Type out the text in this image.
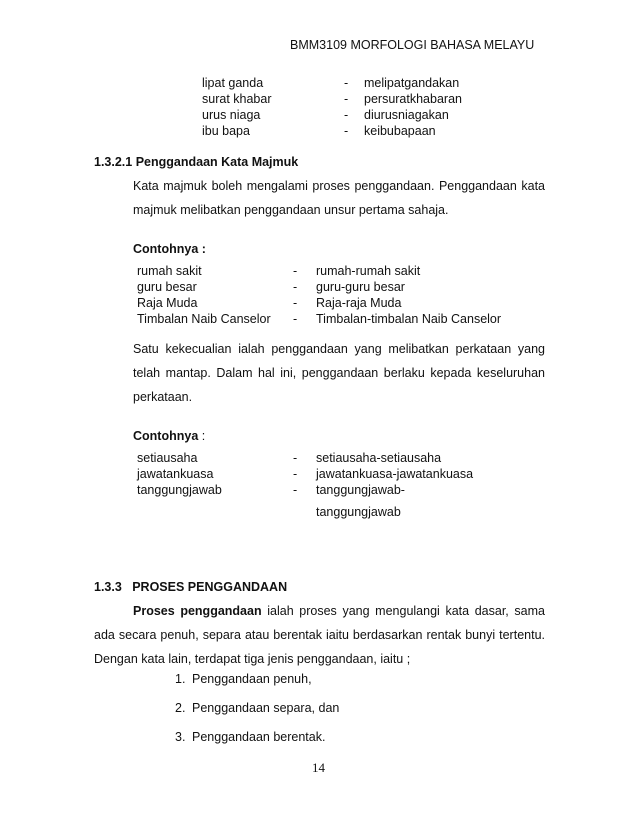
BMM3109 MORFOLOGI BAHASA MELAYU
lipat ganda	- melipatgandakan
surat khabar	- persuratkhabaran
urus niaga	- diurusniagakan
ibu bapa	- keibubapaan
1.3.2.1 Penggandaan Kata Majmuk
Kata majmuk boleh mengalami proses penggandaan. Penggandaan kata
majmuk melibatkan penggandaan unsur pertama sahaja.
Contohnya :
rumah sakit	- rumah-rumah sakit
guru besar	- guru-guru besar
Raja Muda	- Raja-raja Muda
Timbalan Naib Canselor - Timbalan-timbalan Naib Canselor
Satu kekecualian ialah penggandaan yang melibatkan perkataan yang
telah mantap. Dalam hal ini, penggandaan berlaku kepada keseluruhan
perkataan.
Contohnya :
setiausaha	- setiausaha-setiausaha
jawatankuasa	- jawatankuasa-jawatankuasa
tanggungjawab	- tanggungjawab-
tanggungjawab
1.3.3   PROSES PENGGANDAAN
Proses penggandaan ialah proses yang mengulangi kata dasar, sama
ada secara penuh, separa atau berentak iaitu berdasarkan rentak bunyi tertentu.
Dengan kata lain, terdapat tiga jenis penggandaan, iaitu ;
1. Penggandaan penuh,
2. Penggandaan separa, dan
3. Penggandaan berentak.
14
